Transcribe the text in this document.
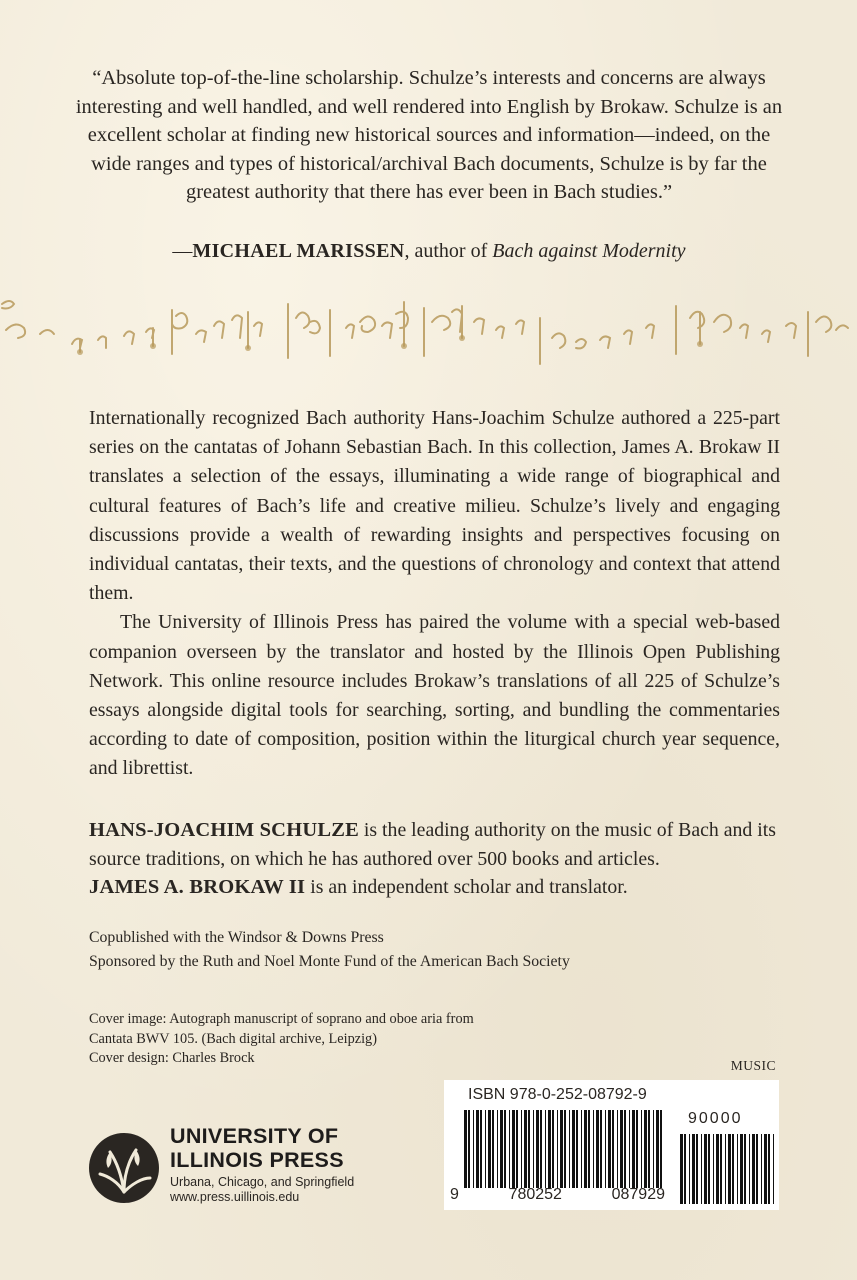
“Absolute top-of-the-line scholarship. Schulze’s interests and concerns are always interesting and well handled, and well rendered into English by Brokaw. Schulze is an excellent scholar at finding new historical sources and information—indeed, on the wide ranges and types of historical/archival Bach documents, Schulze is by far the greatest authority that there has ever been in Bach studies.”
—MICHAEL MARISSEN, author of Bach against Modernity

Internationally recognized Bach authority Hans-Joachim Schulze authored a 225-part series on the cantatas of Johann Sebastian Bach. In this collection, James A. Brokaw II translates a selection of the essays, illuminating a wide range of biographical and cultural features of Bach’s life and creative milieu. Schulze’s lively and engaging discussions provide a wealth of rewarding insights and perspectives focusing on individual cantatas, their texts, and the questions of chronology and context that attend them.

The University of Illinois Press has paired the volume with a special web-based companion overseen by the translator and hosted by the Illinois Open Publishing Network. This online resource includes Brokaw’s translations of all 225 of Schulze’s essays alongside digital tools for searching, sorting, and bundling the commentaries according to date of composition, position within the liturgical church year sequence, and librettist.

HANS-JOACHIM SCHULZE is the leading authority on the music of Bach and its source traditions, on which he has authored over 500 books and articles.
JAMES A. BROKAW II is an independent scholar and translator.
Copublished with the Windsor & Downs Press
Sponsored by the Ruth and Noel Monte Fund of the American Bach Society
Cover image: Autograph manuscript of soprano and oboe aria from Cantata BWV 105. (Bach digital archive, Leipzig)
Cover design: Charles Brock	MUSIC
ISBN 978-0-252-08792-9
90000
9	780252	087929
UNIVERSITY OF
ILLINOIS PRESS
Urbana, Chicago, and Springfield
www.press.uillinois.edu
